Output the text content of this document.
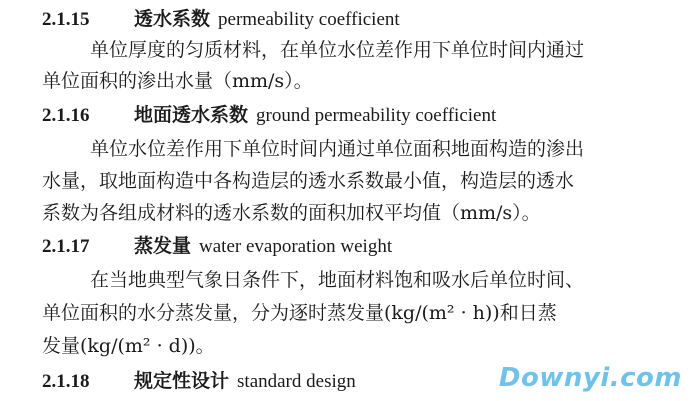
2.1.15 透水系数 permeability coefficient
单位厚度的匀质材料，在单位水位差作用下单位时间内通过
单位面积的渗出水量（mm/s）。
2.1.16 地面透水系数 ground permeability coefficient
单位水位差作用下单位时间内通过单位面积地面构造的渗出
水量，取地面构造中各构造层的透水系数最小值，构造层的透水
系数为各组成材料的透水系数的面积加权平均值（mm/s）。
2.1.17 蒸发量 water evaporation weight
在当地典型气象日条件下，地面材料饱和吸水后单位时间、
单位面积的水分蒸发量，分为逐时蒸发量(kg/(m² · h))和日蒸
发量(kg/(m² · d))。
2.1.18 规定性设计 standard design	Downyi.com
